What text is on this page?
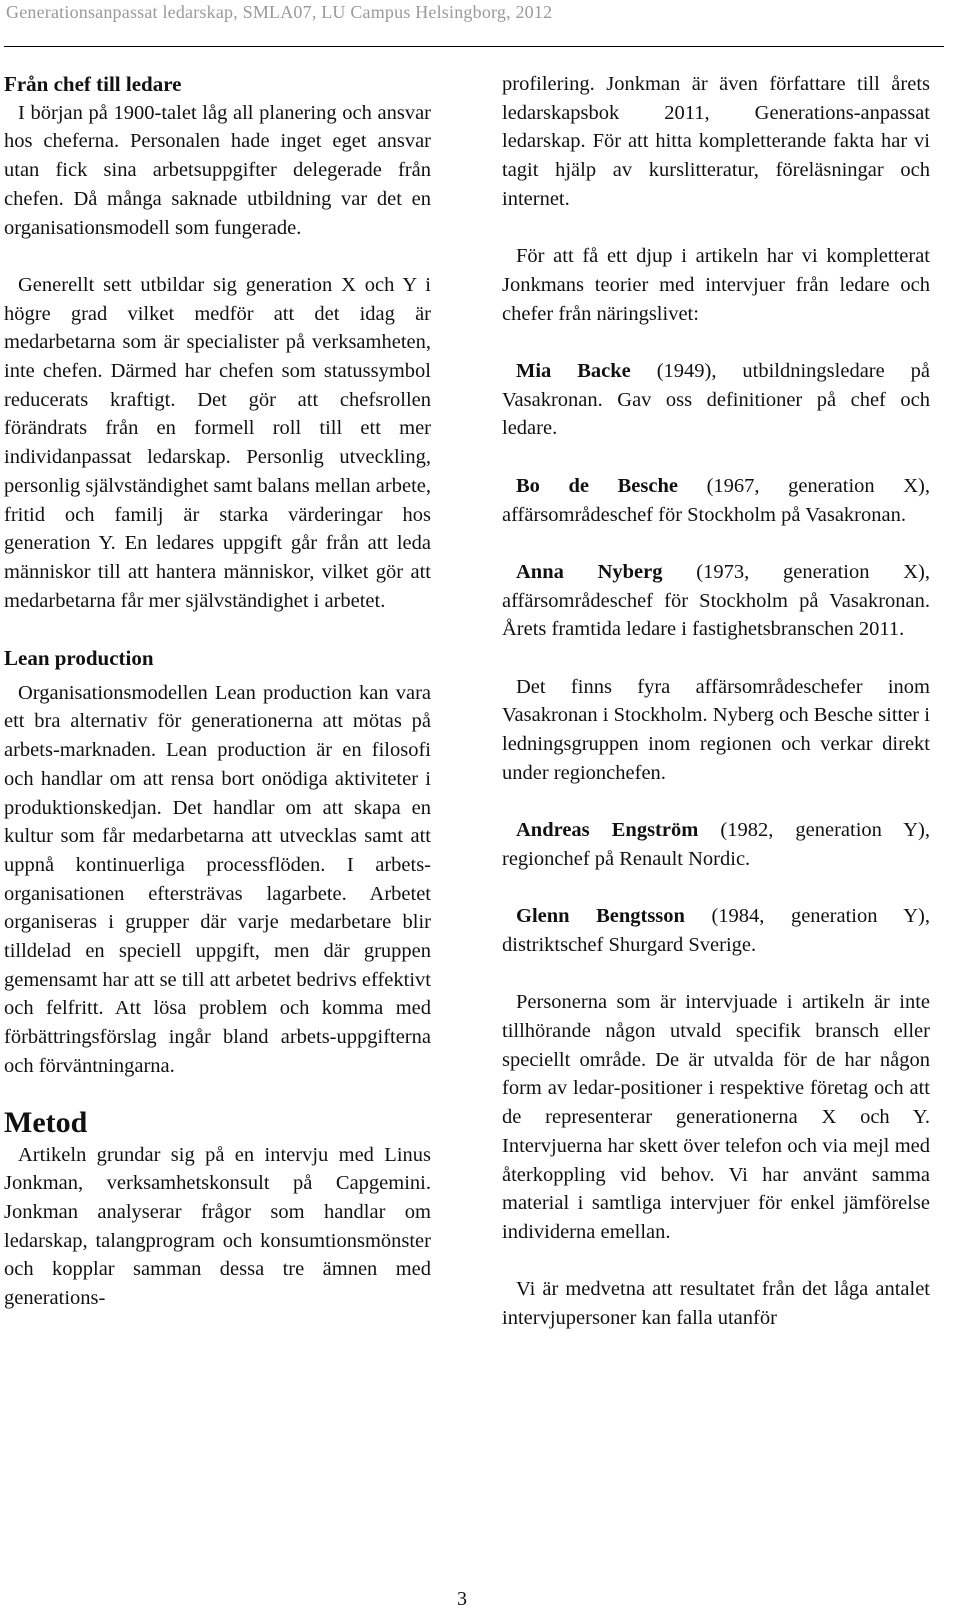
Generationsanpassat ledarskap, SMLA07, LU Campus Helsingborg, 2012
Från chef till ledare

I början på 1900-talet låg all planering och ansvar hos cheferna. Personalen hade inget eget ansvar utan fick sina arbetsuppgifter delegerade från chefen. Då många saknade utbildning var det en organisationsmodell som fungerade.

Generellt sett utbildar sig generation X och Y i högre grad vilket medför att det idag är medarbetarna som är specialister på verksamheten, inte chefen. Därmed har chefen som statussymbol reducerats kraftigt. Det gör att chefsrollen förändrats från en formell roll till ett mer individanpassat ledarskap. Personlig utveckling, personlig självständighet samt balans mellan arbete, fritid och familj är starka värderingar hos generation Y. En ledares uppgift går från att leda människor till att hantera människor, vilket gör att medarbetarna får mer självständighet i arbetet.

Lean production

Organisationsmodellen Lean production kan vara ett bra alternativ för generationerna att mötas på arbets-marknaden. Lean production är en filosofi och handlar om att rensa bort onödiga aktiviteter i produktionskedjan. Det handlar om att skapa en kultur som får medarbetarna att utvecklas samt att uppnå kontinuerliga processflöden. I arbets-organisationen eftersträvas lagarbete. Arbetet organiseras i grupper där varje medarbetare blir tilldelad en speciell uppgift, men där gruppen gemensamt har att se till att arbetet bedrivs effektivt och felfritt. Att lösa problem och komma med förbättringsförslag ingår bland arbets-uppgifterna och förväntningarna.

Metod

Artikeln grundar sig på en intervju med Linus Jonkman, verksamhetskonsult på Capgemini. Jonkman analyserar frågor som handlar om ledarskap, talangprogram och konsumtionsmönster och kopplar samman dessa tre ämnen med generations-

profilering. Jonkman är även författare till årets ledarskapsbok 2011, Generations-anpassat ledarskap. För att hitta kompletterande fakta har vi tagit hjälp av kurslitteratur, föreläsningar och internet.

För att få ett djup i artikeln har vi kompletterat Jonkmans teorier med intervjuer från ledare och chefer från näringslivet:

Mia Backe (1949), utbildningsledare på Vasakronan. Gav oss definitioner på chef och ledare.

Bo de Besche (1967, generation X), affärsområdeschef för Stockholm på Vasakronan.

Anna Nyberg (1973, generation X), affärsområdeschef för Stockholm på Vasakronan. Årets framtida ledare i fastighetsbranschen 2011.

Det finns fyra affärsområdeschefer inom Vasakronan i Stockholm. Nyberg och Besche sitter i ledningsgruppen inom regionen och verkar direkt under regionchefen.

Andreas Engström (1982, generation Y), regionchef på Renault Nordic.

Glenn Bengtsson (1984, generation Y), distriktschef Shurgard Sverige.

Personerna som är intervjuade i artikeln är inte tillhörande någon utvald specifik bransch eller speciellt område. De är utvalda för de har någon form av ledar-positioner i respektive företag och att de representerar generationerna X och Y. Intervjuerna har skett över telefon och via mejl med återkoppling vid behov. Vi har använt samma material i samtliga intervjuer för enkel jämförelse individerna emellan.

Vi är medvetna att resultatet från det låga antalet intervjupersoner kan falla utanför

3
